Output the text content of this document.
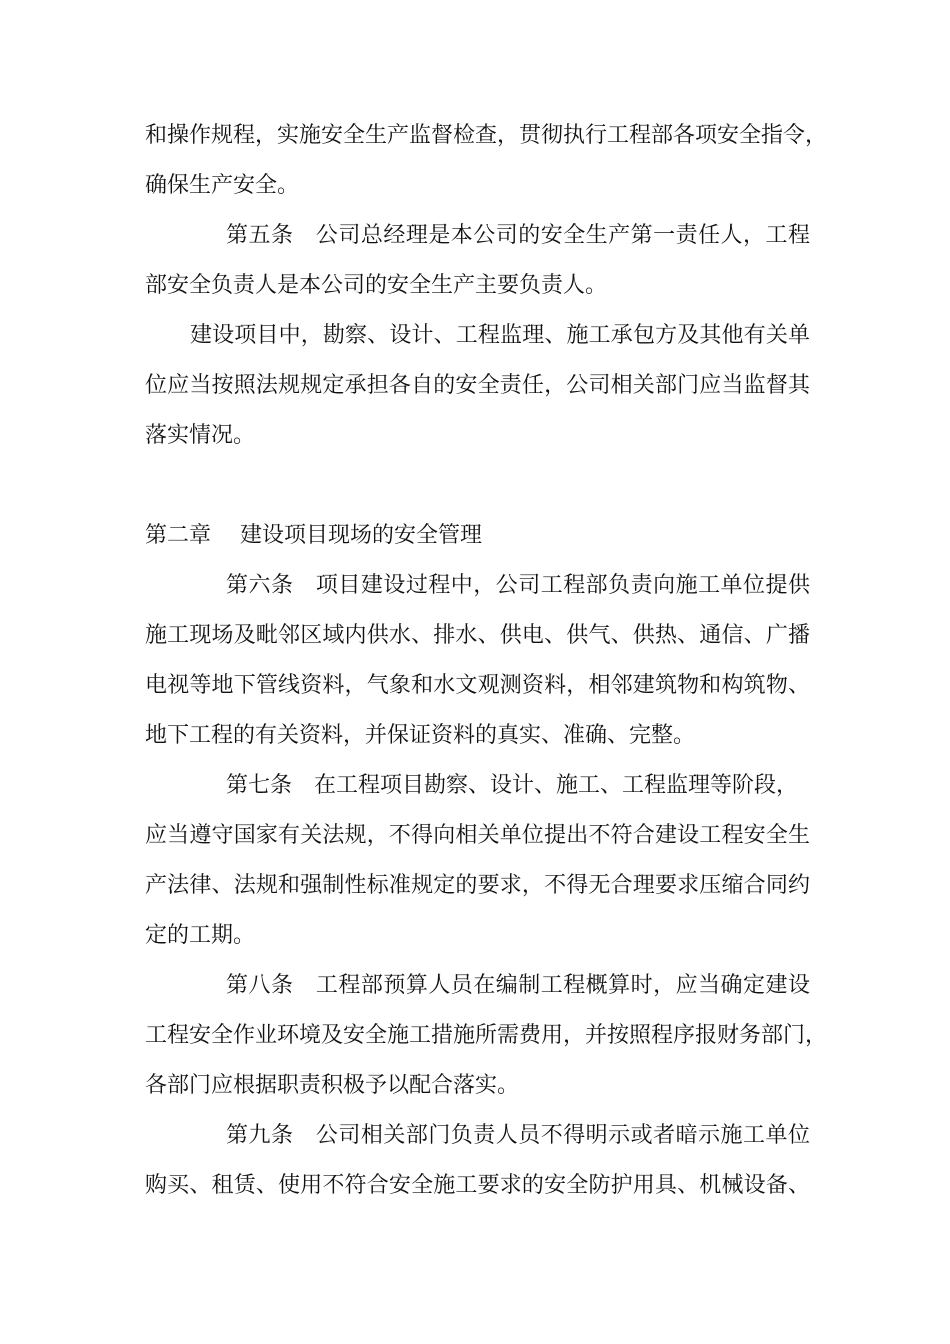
和操作规程，实施安全生产监督检查，贯彻执行工程部各项安全指令，
确保生产安全。
第五条　公司总经理是本公司的安全生产第一责任人，工程
部安全负责人是本公司的安全生产主要负责人。
建设项目中，勘察、设计、工程监理、施工承包方及其他有关单
位应当按照法规规定承担各自的安全责任，公司相关部门应当监督其
落实情况。
第二章　 建设项目现场的安全管理
第六条　项目建设过程中，公司工程部负责向施工单位提供
施工现场及毗邻区域内供水、排水、供电、供气、供热、通信、广播
电视等地下管线资料，气象和水文观测资料，相邻建筑物和构筑物、
地下工程的有关资料，并保证资料的真实、准确、完整。
第七条　在工程项目勘察、设计、施工、工程监理等阶段，
应当遵守国家有关法规，不得向相关单位提出不符合建设工程安全生
产法律、法规和强制性标准规定的要求，不得无合理要求压缩合同约
定的工期。
第八条　工程部预算人员在编制工程概算时，应当确定建设
工程安全作业环境及安全施工措施所需费用，并按照程序报财务部门，
各部门应根据职责积极予以配合落实。
第九条　公司相关部门负责人员不得明示或者暗示施工单位
购买、租赁、使用不符合安全施工要求的安全防护用具、机械设备、
